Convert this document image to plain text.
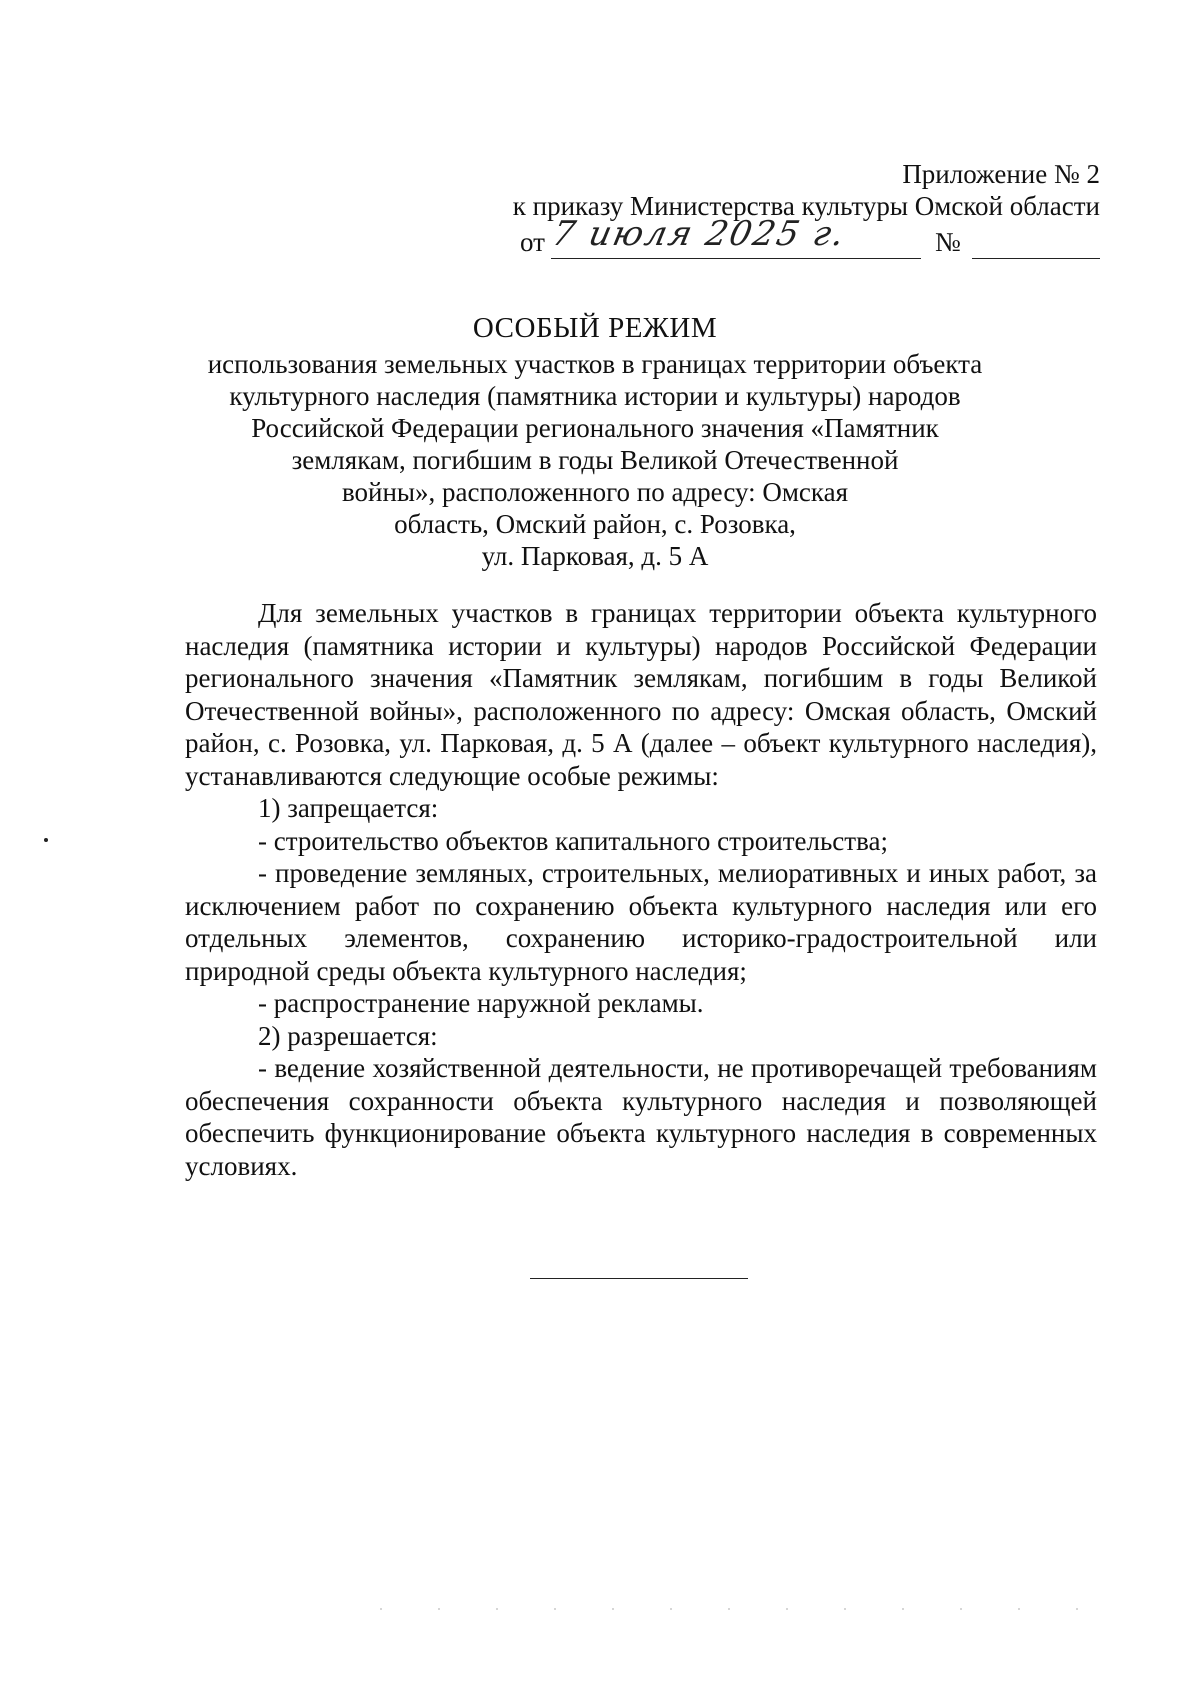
Приложение № 2
к приказу Министерства культуры Омской области
от 7 июля 2025 г.	№
ОСОБЫЙ РЕЖИМ
использования земельных участков в границах территории объекта
культурного наследия (памятника истории и культуры) народов
Российской Федерации регионального значения «Памятник
землякам, погибшим в годы Великой Отечественной
войны», расположенного по адресу: Омская
область, Омский район, с. Розовка,
ул. Парковая, д. 5 А
Для земельных участков в границах территории объекта культурного наследия (памятника истории и культуры) народов Российской Федерации регионального значения «Памятник землякам, погибшим в годы Великой Отечественной войны», расположенного по адресу: Омская область, Омский район, с. Розовка, ул. Парковая, д. 5 А (далее – объект культурного наследия), устанавливаются следующие особые режимы:
1) запрещается:
- строительство объектов капитального строительства;
- проведение земляных, строительных, мелиоративных и иных работ, за исключением работ по сохранению объекта культурного наследия или его отдельных элементов, сохранению историко-градостроительной или природной среды объекта культурного наследия;
- распространение наружной рекламы.
2) разрешается:
- ведение хозяйственной деятельности, не противоречащей требованиям обеспечения сохранности объекта культурного наследия и позволяющей обеспечить функционирование объекта культурного наследия в современных условиях.
